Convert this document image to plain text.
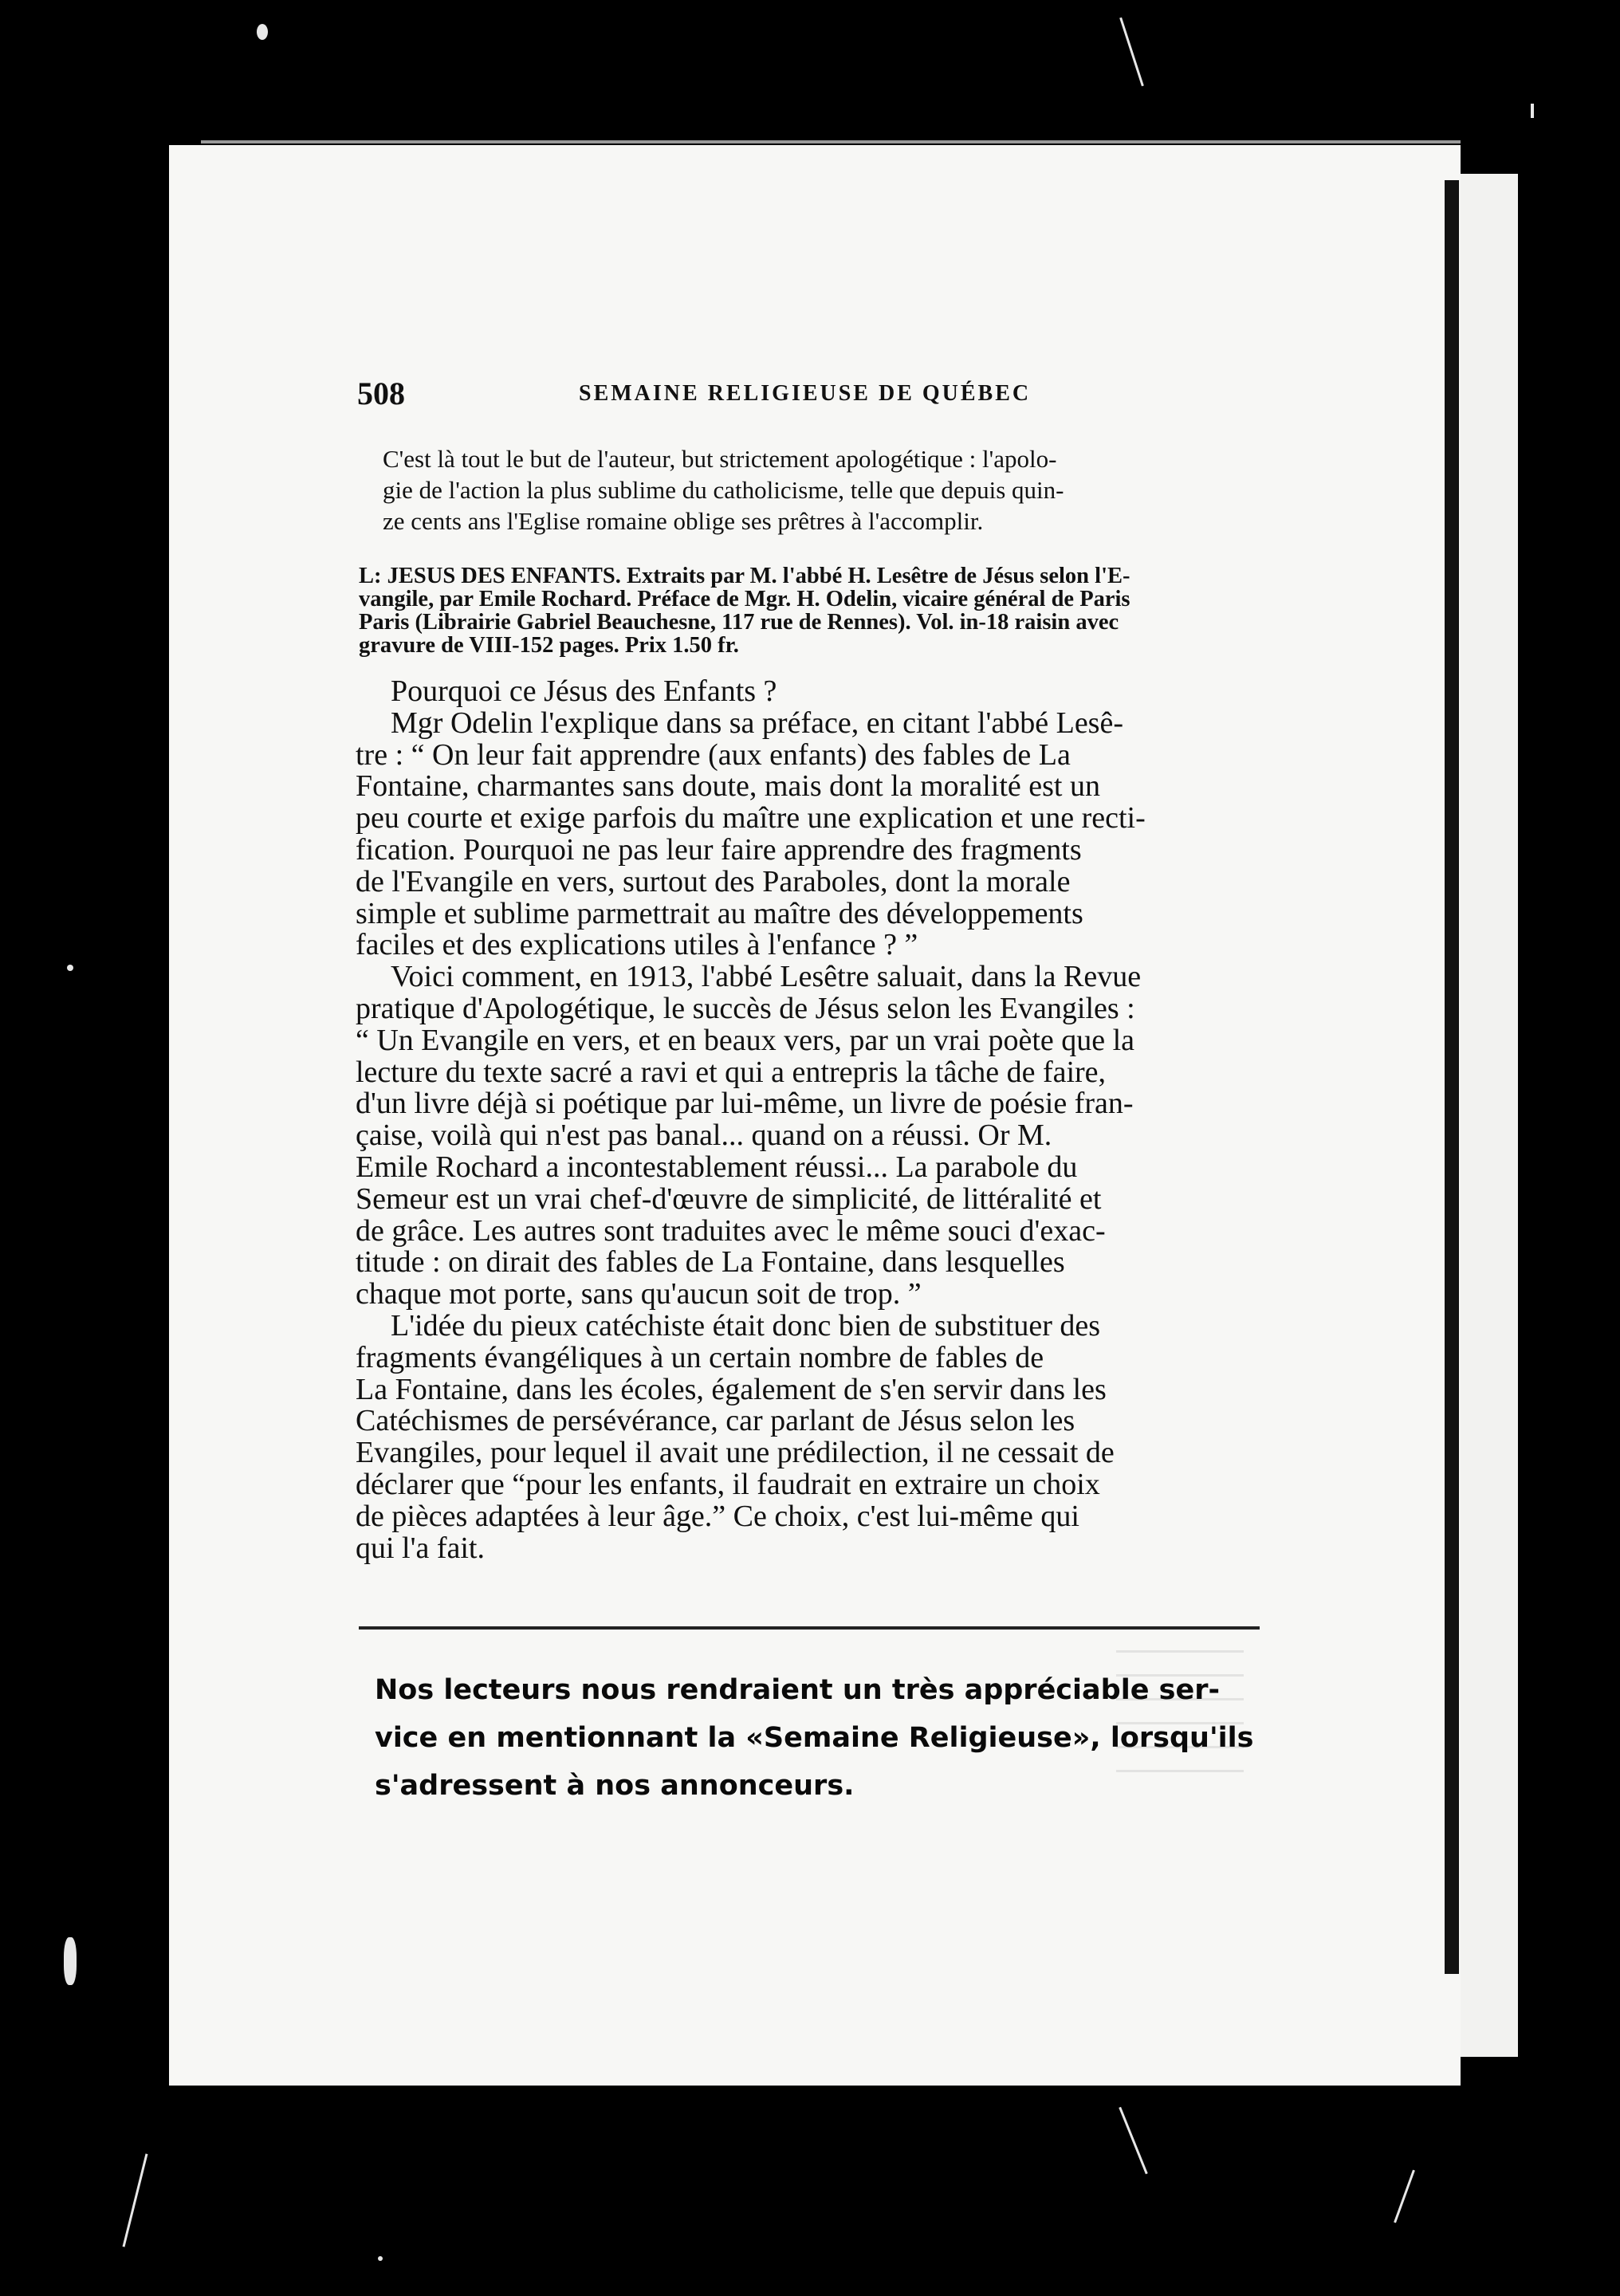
508	SEMAINE RELIGIEUSE DE QUÉBEC
C'est là tout le but de l'auteur, but strictement apologétique : l'apolo-
gie de l'action la plus sublime du catholicisme, telle que depuis quin-
ze cents ans l'Eglise romaine oblige ses prêtres à l'accomplir.
L: JESUS DES ENFANTS. Extraits par M. l'abbé H. Lesêtre de Jésus selon l'E-
vangile, par Emile Rochard. Préface de Mgr. H. Odelin, vicaire général de Paris
Paris (Librairie Gabriel Beauchesne, 117 rue de Rennes). Vol. in-18 raisin avec
gravure de VIII-152 pages. Prix 1.50 fr.
Pourquoi ce Jésus des Enfants ?
Mgr Odelin l'explique dans sa préface, en citant l'abbé Lesê-
tre : “ On leur fait apprendre (aux enfants) des fables de La
Fontaine, charmantes sans doute, mais dont la moralité est un
peu courte et exige parfois du maître une explication et une recti-
fication. Pourquoi ne pas leur faire apprendre des fragments
de l'Evangile en vers, surtout des Paraboles, dont la morale
simple et sublime parmettrait au maître des développements
faciles et des explications utiles à l'enfance ? ”
Voici comment, en 1913, l'abbé Lesêtre saluait, dans la Revue
pratique d'Apologétique, le succès de Jésus selon les Evangiles :
“ Un Evangile en vers, et en beaux vers, par un vrai poète que la
lecture du texte sacré a ravi et qui a entrepris la tâche de faire,
d'un livre déjà si poétique par lui-même, un livre de poésie fran-
çaise, voilà qui n'est pas banal... quand on a réussi. Or M.
Emile Rochard a incontestablement réussi... La parabole du
Semeur est un vrai chef-d'œuvre de simplicité, de littéralité et
de grâce. Les autres sont traduites avec le même souci d'exac-
titude : on dirait des fables de La Fontaine, dans lesquelles
chaque mot porte, sans qu'aucun soit de trop. ”
L'idée du pieux catéchiste était donc bien de substituer des
fragments évangéliques à un certain nombre de fables de
La Fontaine, dans les écoles, également de s'en servir dans les
Catéchismes de persévérance, car parlant de Jésus selon les
Evangiles, pour lequel il avait une prédilection, il ne cessait de
déclarer que “pour les enfants, il faudrait en extraire un choix
de pièces adaptées à leur âge.” Ce choix, c'est lui-même qui
qui l'a fait.
Nos lecteurs nous rendraient un très appréciable ser-
vice en mentionnant la «Semaine Religieuse», lorsqu'ils
s'adressent à nos annonceurs.
